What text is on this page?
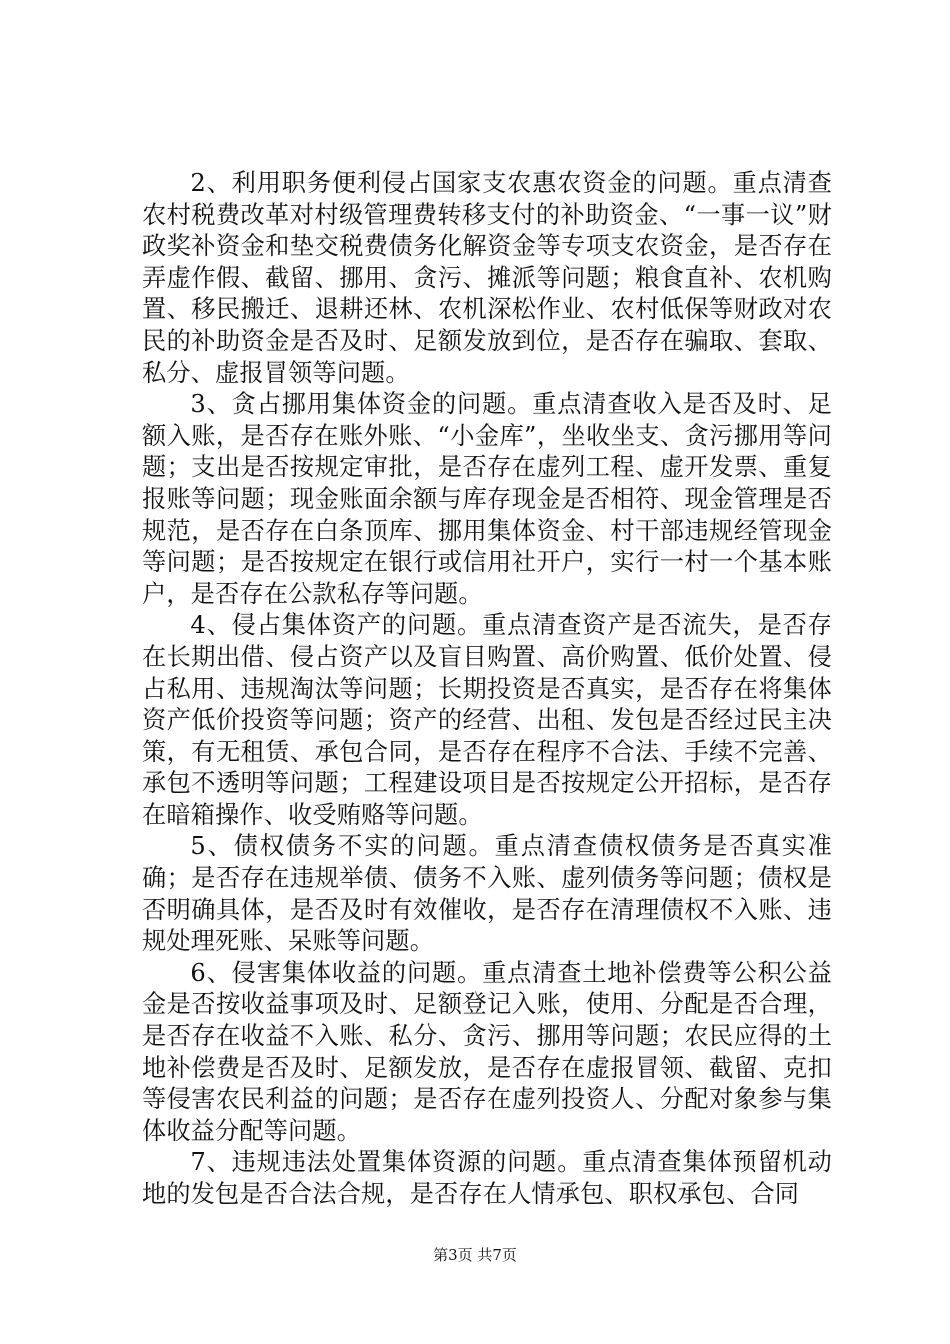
2、利用职务便利侵占国家支农惠农资金的问题。重点清查农村税费改革对村级管理费转移支付的补助资金、“一事一议”财政奖补资金和垫交税费债务化解资金等专项支农资金，是否存在弄虚作假、截留、挪用、贪污、摊派等问题；粮食直补、农机购置、移民搬迁、退耕还林、农机深松作业、农村低保等财政对农民的补助资金是否及时、足额发放到位，是否存在骗取、套取、私分、虚报冒领等问题。

3、贪占挪用集体资金的问题。重点清查收入是否及时、足额入账，是否存在账外账、“小金库”，坐收坐支、贪污挪用等问题；支出是否按规定审批，是否存在虚列工程、虚开发票、重复报账等问题；现金账面余额与库存现金是否相符、现金管理是否规范，是否存在白条顶库、挪用集体资金、村干部违规经管现金等问题；是否按规定在银行或信用社开户，实行一村一个基本账户，是否存在公款私存等问题。

4、侵占集体资产的问题。重点清查资产是否流失，是否存在长期出借、侵占资产以及盲目购置、高价购置、低价处置、侵占私用、违规淘汰等问题；长期投资是否真实，是否存在将集体资产低价投资等问题；资产的经营、出租、发包是否经过民主决策，有无租赁、承包合同，是否存在程序不合法、手续不完善、承包不透明等问题；工程建设项目是否按规定公开招标，是否存在暗箱操作、收受贿赂等问题。

5、债权债务不实的问题。重点清查债权债务是否真实准确；是否存在违规举债、债务不入账、虚列债务等问题；债权是否明确具体，是否及时有效催收，是否存在清理债权不入账、违规处理死账、呆账等问题。

6、侵害集体收益的问题。重点清查土地补偿费等公积公益金是否按收益事项及时、足额登记入账，使用、分配是否合理，是否存在收益不入账、私分、贪污、挪用等问题；农民应得的土地补偿费是否及时、足额发放，是否存在虚报冒领、截留、克扣等侵害农民利益的问题；是否存在虚列投资人、分配对象参与集体收益分配等问题。

7、违规违法处置集体资源的问题。重点清查集体预留机动地的发包是否合法合规，是否存在人情承包、职权承包、合同

第3页 共7页
